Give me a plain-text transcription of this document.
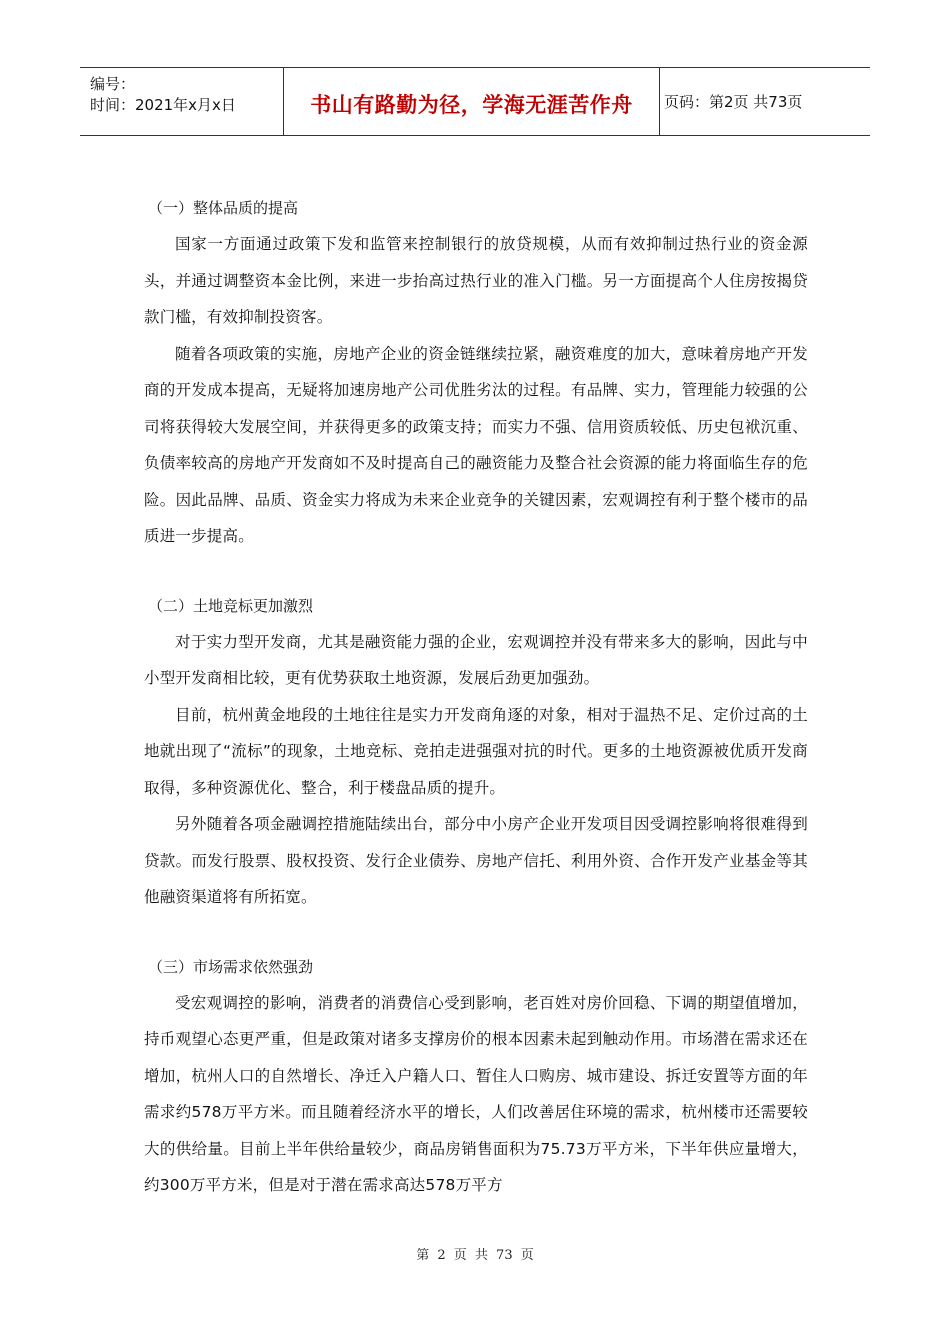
编号：
时间：2021年x月x日	书山有路勤为径，学海无涯苦作舟 页码：第2页 共73页
（一）整体品质的提高

国家一方面通过政策下发和监管来控制银行的放贷规模，从而有效抑制过热行业的资金源头，并通过调整资本金比例，来进一步抬高过热行业的准入门槛。另一方面提高个人住房按揭贷款门槛，有效抑制投资客。

随着各项政策的实施，房地产企业的资金链继续拉紧，融资难度的加大，意味着房地产开发商的开发成本提高，无疑将加速房地产公司优胜劣汰的过程。有品牌、实力，管理能力较强的公司将获得较大发展空间，并获得更多的政策支持；而实力不强、信用资质较低、历史包袱沉重、负债率较高的房地产开发商如不及时提高自己的融资能力及整合社会资源的能力将面临生存的危险。因此品牌、品质、资金实力将成为未来企业竞争的关键因素，宏观调控有利于整个楼市的品质进一步提高。

（二）土地竞标更加激烈

对于实力型开发商，尤其是融资能力强的企业，宏观调控并没有带来多大的影响，因此与中小型开发商相比较，更有优势获取土地资源，发展后劲更加强劲。

目前，杭州黄金地段的土地往往是实力开发商角逐的对象，相对于温热不足、定价过高的土地就出现了“流标”的现象，土地竞标、竞拍走进强强对抗的时代。更多的土地资源被优质开发商取得，多种资源优化、整合，利于楼盘品质的提升。

另外随着各项金融调控措施陆续出台，部分中小房产企业开发项目因受调控影响将很难得到贷款。而发行股票、股权投资、发行企业债券、房地产信托、利用外资、合作开发产业基金等其他融资渠道将有所拓宽。

（三）市场需求依然强劲

受宏观调控的影响，消费者的消费信心受到影响，老百姓对房价回稳、下调的期望值增加，持币观望心态更严重，但是政策对诸多支撑房价的根本因素未起到触动作用。市场潜在需求还在增加，杭州人口的自然增长、净迁入户籍人口、暂住人口购房、城市建设、拆迁安置等方面的年需求约578万平方米。而且随着经济水平的增长，人们改善居住环境的需求，杭州楼市还需要较大的供给量。目前上半年供给量较少，商品房销售面积为75.73万平方米，下半年供应量增大，约300万平方米，但是对于潜在需求高达578万平方

第 2 页 共 73 页
